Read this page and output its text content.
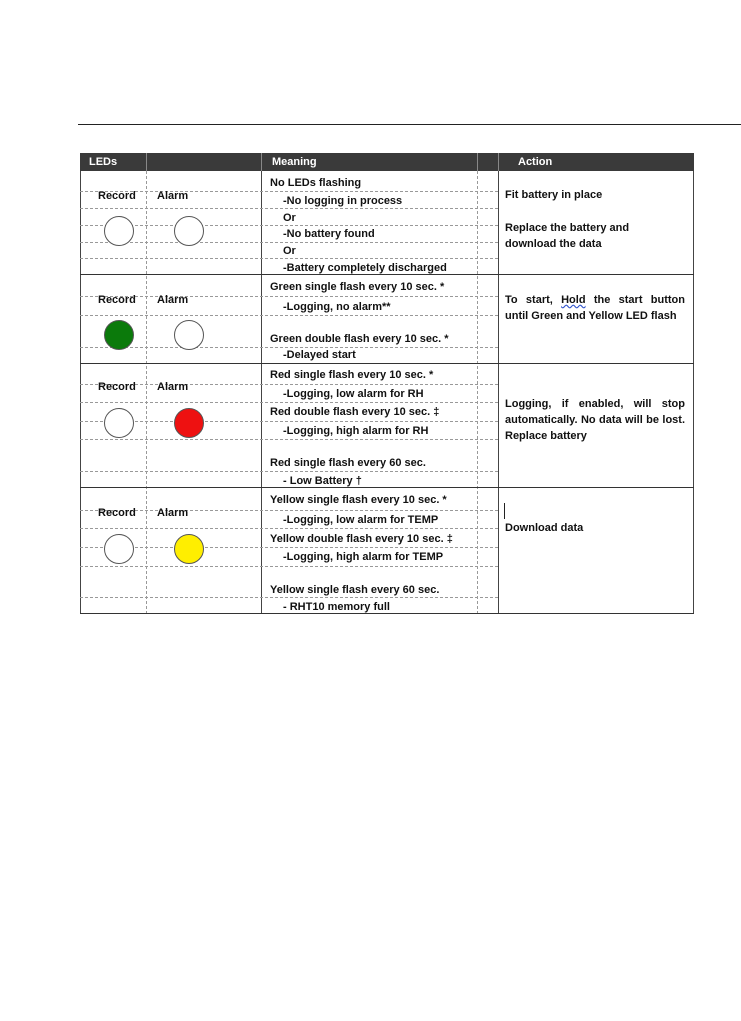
LEDs	Meaning	Action
Record Alarm
No LEDs flashing
-No logging in process
Or
-No battery found
Or
-Battery completely discharged
Fit battery in place
Replace the battery and download the data
Record Alarm
Green single flash every 10 sec. *
-Logging, no alarm**
Green double flash every 10 sec. *
-Delayed start
To start, Hold the start button until Green and Yellow LED flash
Record Alarm
Red single flash every 10 sec. *
-Logging, low alarm for RH
Red double flash every 10 sec. ‡
-Logging, high alarm for RH
Red single flash every 60 sec.
- Low Battery †
Logging, if enabled, will stop automatically. No data will be lost. Replace battery
Record Alarm
Yellow single flash every 10 sec. *
-Logging, low alarm for TEMP
Yellow double flash every 10 sec. ‡
-Logging, high alarm for TEMP
Yellow single flash every 60 sec.
- RHT10 memory full
Download data
